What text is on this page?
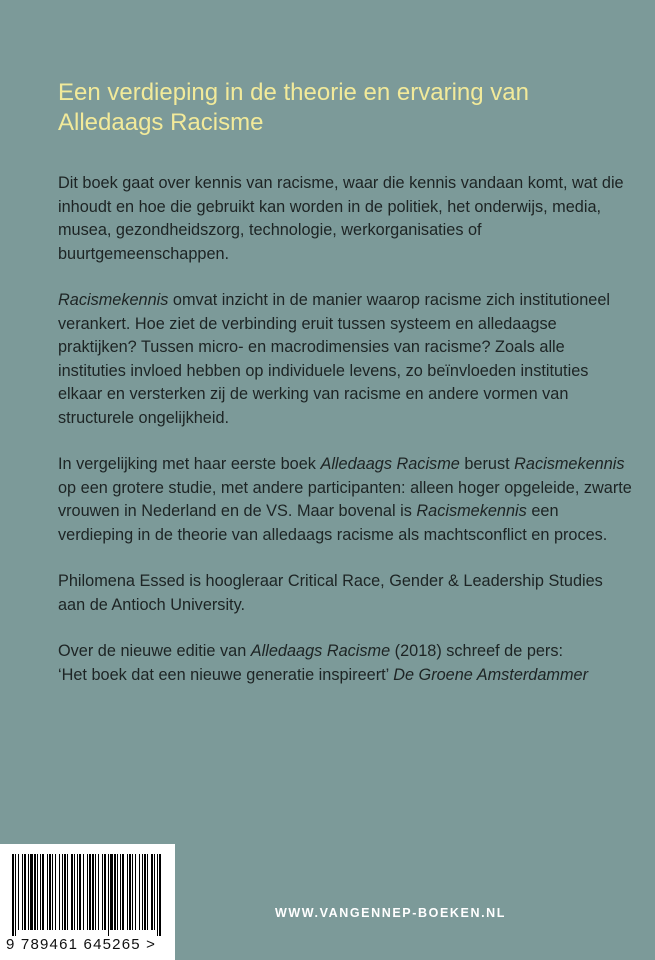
Een verdieping in de theorie en ervaring van
Alledaags Racisme

Dit boek gaat over kennis van racisme, waar die kennis vandaan komt, wat die inhoudt en hoe die gebruikt kan worden in de politiek, het onderwijs, media, musea, gezondheidszorg, technologie, werkorganisaties of buurtgemeenschappen.

Racismekennis omvat inzicht in de manier waarop racisme zich institutioneel verankert. Hoe ziet de verbinding eruit tussen systeem en alledaagse praktijken? Tussen micro- en macrodimensies van racisme? Zoals alle instituties invloed hebben op individuele levens, zo beïnvloeden instituties elkaar en versterken zij de werking van racisme en andere vormen van structurele ongelijkheid.

In vergelijking met haar eerste boek Alledaags Racisme berust Racismekennis op een grotere studie, met andere participanten: alleen hoger opgeleide, zwarte vrouwen in Nederland en de VS. Maar bovenal is Racismekennis een verdieping in de theorie van alledaags racisme als machtsconflict en proces.

Philomena Essed is hoogleraar Critical Race, Gender & Leadership Studies aan de Antioch University.

Over de nieuwe editie van Alledaags Racisme (2018) schreef de pers:
‘Het boek dat een nieuwe generatie inspireert’ De Groene Amsterdammer

9 789461 645265 >
WWW.VANGENNEP-BOEKEN.NL
